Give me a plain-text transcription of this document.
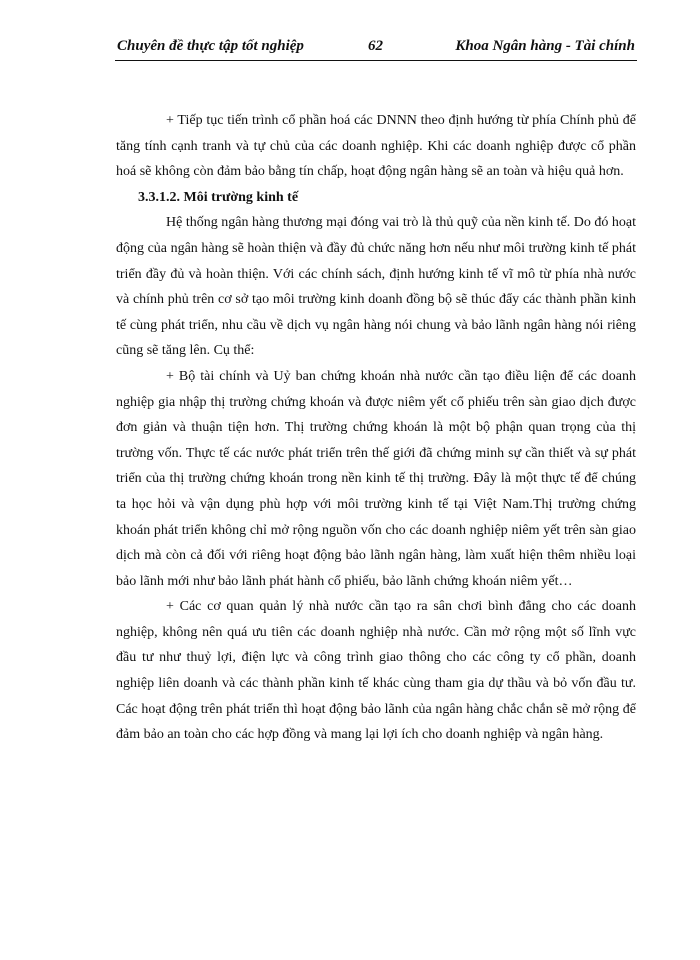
Chuyên đề thực tập tốt nghiệp	62	Khoa Ngân hàng - Tài chính

+ Tiếp tục tiến trình cổ phần hoá các DNNN theo định hướng từ phía Chính phủ để tăng tính cạnh tranh và tự chủ của các doanh nghiệp. Khi các doanh nghiệp được cổ phần hoá sẽ không còn đảm bảo bằng tín chấp, hoạt động ngân hàng sẽ an toàn và hiệu quả hơn.

3.3.1.2. Môi trường kinh tế

Hệ thống ngân hàng thương mại đóng vai trò là thủ quỹ của nền kinh tế. Do đó hoạt động của ngân hàng sẽ hoàn thiện và đầy đủ chức năng hơn nếu như môi trường kinh tế phát triển đầy đủ và hoàn thiện. Với các chính sách, định hướng kinh tế vĩ mô từ phía nhà nước và chính phủ trên cơ sở tạo môi trường kinh doanh đồng bộ sẽ thúc đẩy các thành phần kinh tế cùng phát triển, nhu cầu về dịch vụ ngân hàng nói chung và bảo lãnh ngân hàng nói riêng cũng sẽ tăng lên. Cụ thể:

+ Bộ tài chính và Uỷ ban chứng khoán nhà nước cần tạo điều liện để các doanh nghiệp gia nhập thị trường chứng khoán và được niêm yết cổ phiếu trên sàn giao dịch được đơn giản và thuận tiện hơn. Thị trường chứng khoán là một bộ phận quan trọng của thị trường vốn. Thực tế các nước phát triển trên thế giới đã chứng minh sự cần thiết và sự phát triển của thị trường chứng khoán trong nền kinh tế thị trường. Đây là một thực tế để chúng ta học hỏi và vận dụng phù hợp với môi trường kinh tế tại Việt Nam.Thị trường chứng khoán phát triển không chỉ mở rộng nguồn vốn cho các doanh nghiệp niêm yết trên sàn giao dịch mà còn cả đối với riêng hoạt động bảo lãnh ngân hàng, làm xuất hiện thêm nhiều loại bảo lãnh mới như bảo lãnh phát hành cổ phiếu, bảo lãnh chứng khoán niêm yết…

+ Các cơ quan quản lý nhà nước cần tạo ra sân chơi bình đẳng cho các doanh nghiệp, không nên quá ưu tiên các doanh nghiệp nhà nước. Cần mở rộng một số lĩnh vực đầu tư như thuỷ lợi, điện lực và công trình giao thông cho các công ty cổ phần, doanh nghiệp liên doanh và các thành phần kinh tế khác cùng tham gia dự thầu và bỏ vốn đầu tư. Các hoạt động trên phát triển thì hoạt động bảo lãnh của ngân hàng chắc chắn sẽ mở rộng để đảm bảo an toàn cho các hợp đồng và mang lại lợi ích cho doanh nghiệp và ngân hàng.
